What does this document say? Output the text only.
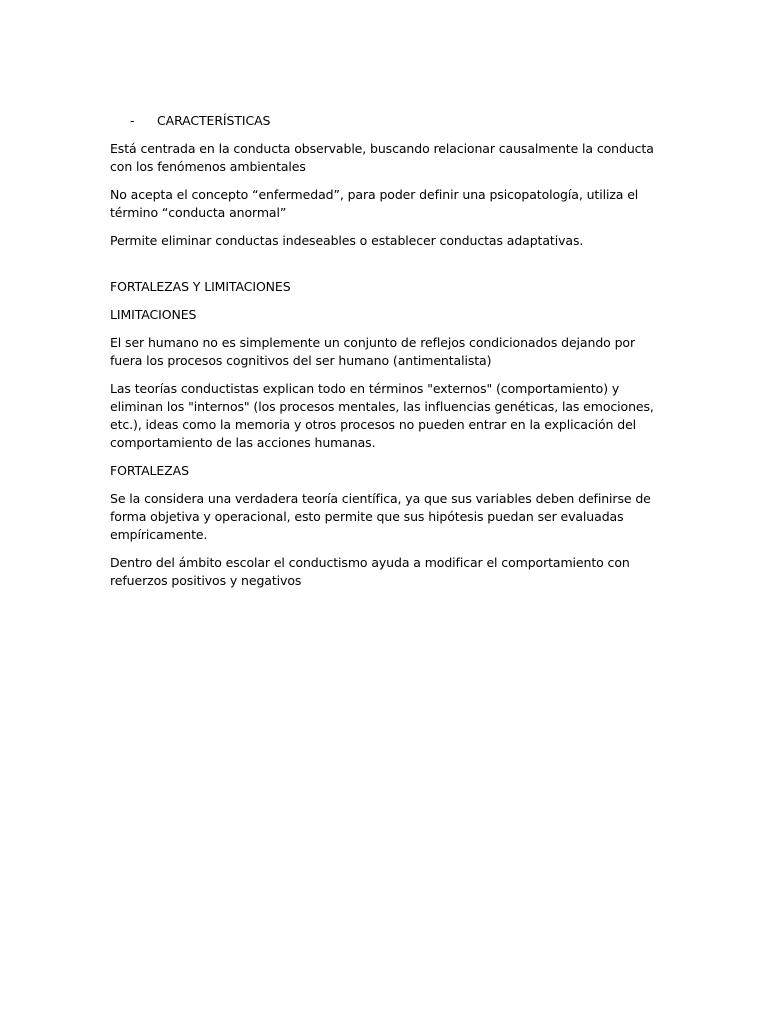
-	CARACTERÍSTICAS

Está centrada en la conducta observable, buscando relacionar causalmente la conducta con los fenómenos ambientales

No acepta el concepto “enfermedad”, para poder definir una psicopatología, utiliza el término “conducta anormal”

Permite eliminar conductas indeseables o establecer conductas adaptativas.

FORTALEZAS Y LIMITACIONES

LIMITACIONES

El ser humano no es simplemente un conjunto de reflejos condicionados dejando por fuera los procesos cognitivos del ser humano (antimentalista)

Las teorías conductistas explican todo en términos "externos" (comportamiento) y eliminan los "internos" (los procesos mentales, las influencias genéticas, las emociones, etc.), ideas como la memoria y otros procesos no pueden entrar en la explicación del comportamiento de las acciones humanas.

FORTALEZAS

Se la considera una verdadera teoría científica, ya que sus variables deben definirse de forma objetiva y operacional, esto permite que sus hipótesis puedan ser evaluadas empíricamente.

Dentro del ámbito escolar el conductismo ayuda a modificar el comportamiento con refuerzos positivos y negativos
